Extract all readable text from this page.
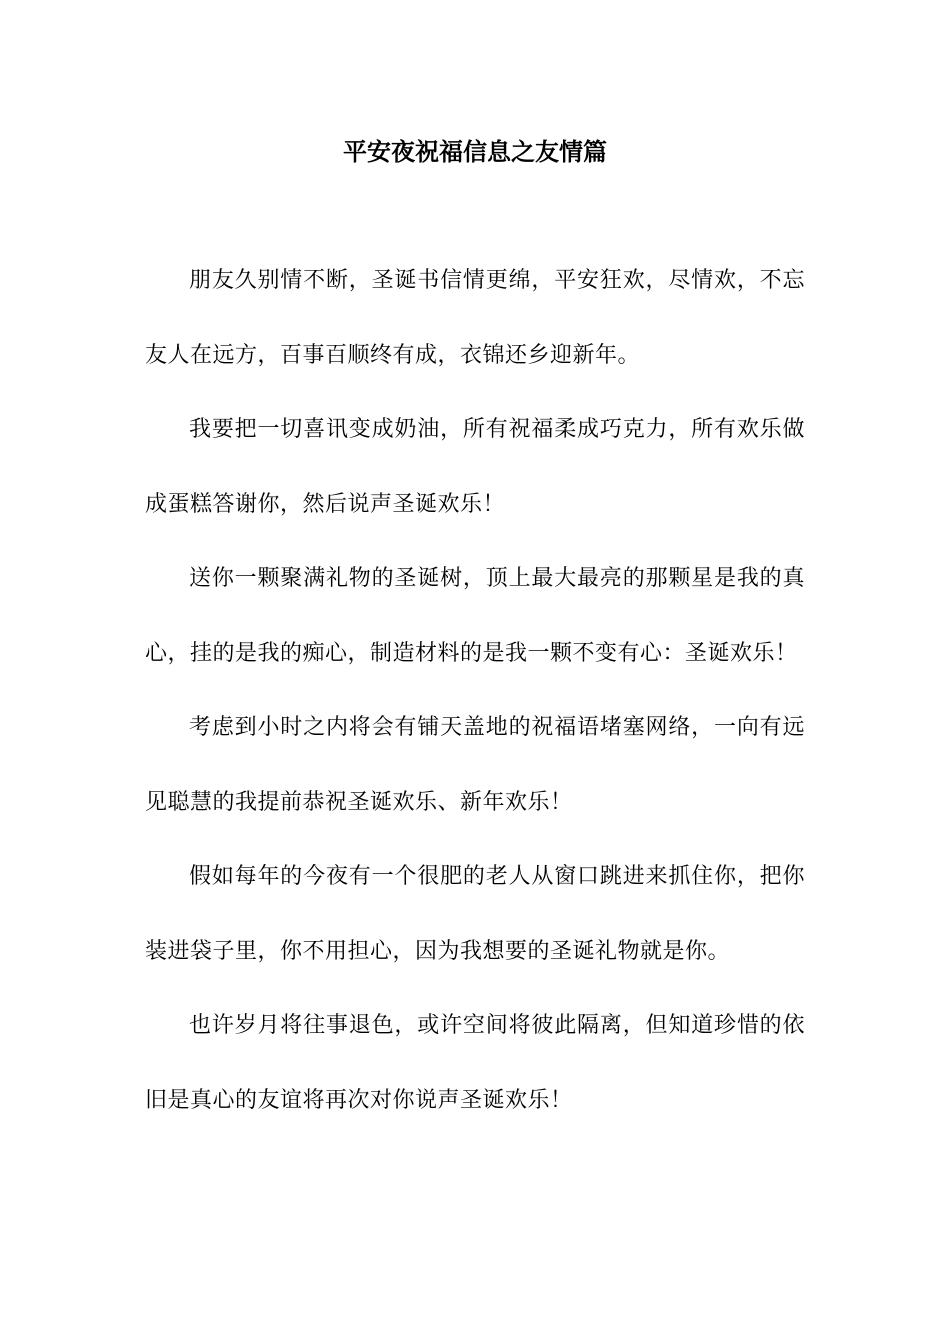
平安夜祝福信息之友情篇

朋友久别情不断，圣诞书信情更绵，平安狂欢，尽情欢，不忘友人在远方，百事百顺终有成，衣锦还乡迎新年。

我要把一切喜讯变成奶油，所有祝福柔成巧克力，所有欢乐做成蛋糕答谢你，然后说声圣诞欢乐！

送你一颗聚满礼物的圣诞树，顶上最大最亮的那颗星是我的真心，挂的是我的痴心，制造材料的是我一颗不变有心：圣诞欢乐！

考虑到小时之内将会有铺天盖地的祝福语堵塞网络，一向有远见聪慧的我提前恭祝圣诞欢乐、新年欢乐！

假如每年的今夜有一个很肥的老人从窗口跳进来抓住你，把你装进袋子里，你不用担心，因为我想要的圣诞礼物就是你。

也许岁月将往事退色，或许空间将彼此隔离，但知道珍惜的依旧是真心的友谊将再次对你说声圣诞欢乐！
